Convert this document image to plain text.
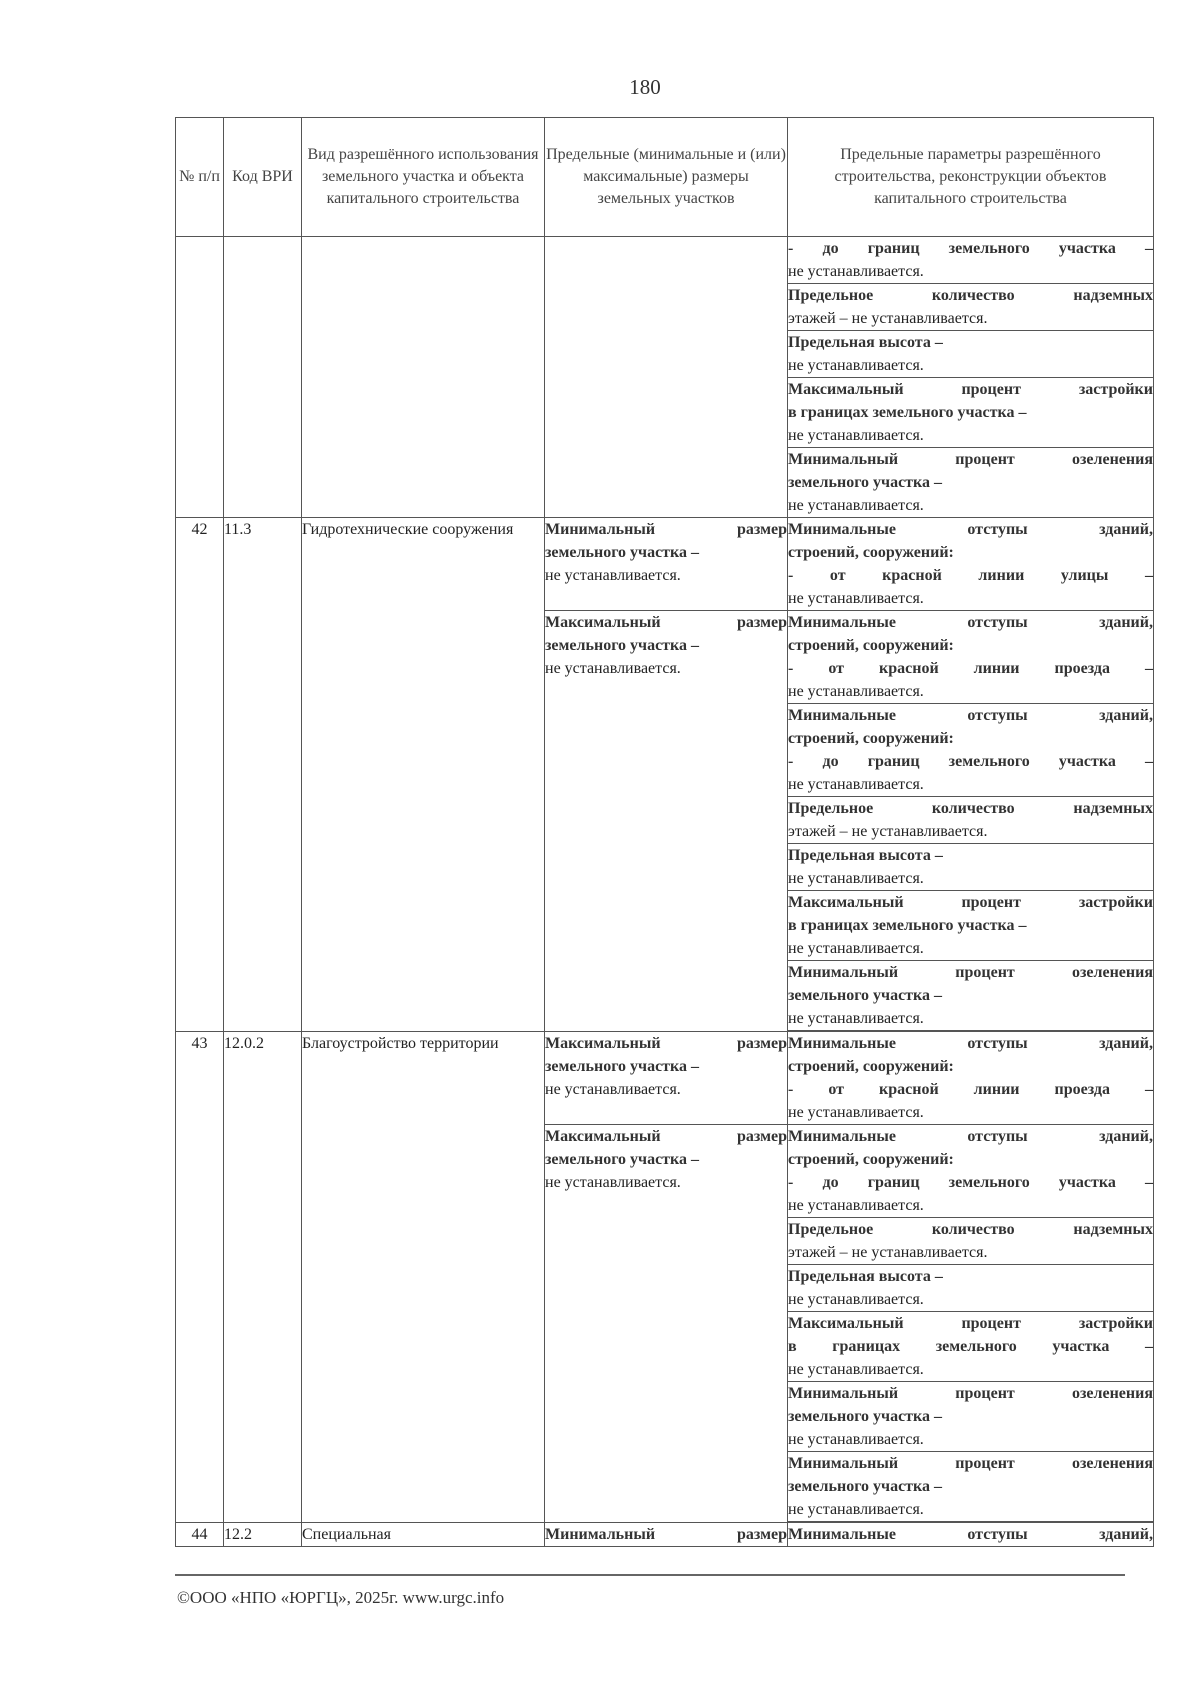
180
№ п/п	Код ВРИ	Вид разрешённого использования земельного участка и объекта капитального строительства	Предельные (минимальные и (или) максимальные) размеры земельных участков	Предельные параметры разрешённого строительства, реконструкции объектов капитального строительства

				- до границ земельного участка –
не устанавливается.

				Предельное количество надземных
этажей – не устанавливается.

				Предельная высота –
не устанавливается.

				Максимальный процент застройки
в границах земельного участка –
не устанавливается.

				Минимальный процент озеленения
земельного участка –
не устанавливается.
42	11.3	Гидротехнические сооружения	Минимальный размер
земельного участка –
не устанавливается.	Минимальные отступы зданий,
строений, сооружений:
- от красной линии улицы –
не устанавливается.

			Максимальный размер
земельного участка –
не устанавливается.	Минимальные отступы зданий,
строений, сооружений:
- от красной линии проезда –
не устанавливается.

				Минимальные отступы зданий,
строений, сооружений:
- до границ земельного участка –
не устанавливается.

				Предельное количество надземных
этажей – не устанавливается.

				Предельная высота –
не устанавливается.

				Максимальный процент застройки
в границах земельного участка –
не устанавливается.

				Минимальный процент озеленения
земельного участка –
не устанавливается.

43	12.0.2	Благоустройство территории	Максимальный размер
земельного участка –
не устанавливается.	Минимальные отступы зданий,
строений, сооружений:
- от красной линии проезда –
не устанавливается.

			Максимальный размер
земельного участка –
не устанавливается.	Минимальные отступы зданий,
строений, сооружений:
- до границ земельного участка –
не устанавливается.

				Предельное количество надземных
этажей – не устанавливается.

				Предельная высота –
не устанавливается.

				Максимальный процент застройки
в границах земельного участка –
не устанавливается.

				Минимальный процент озеленения
земельного участка –
не устанавливается.

				Минимальный процент озеленения
земельного участка –
не устанавливается.

44	12.2	Специальная	Минимальный размер	Минимальные отступы зданий,
©ООО «НПО «ЮРГЦ», 2025г. www.urgc.info
